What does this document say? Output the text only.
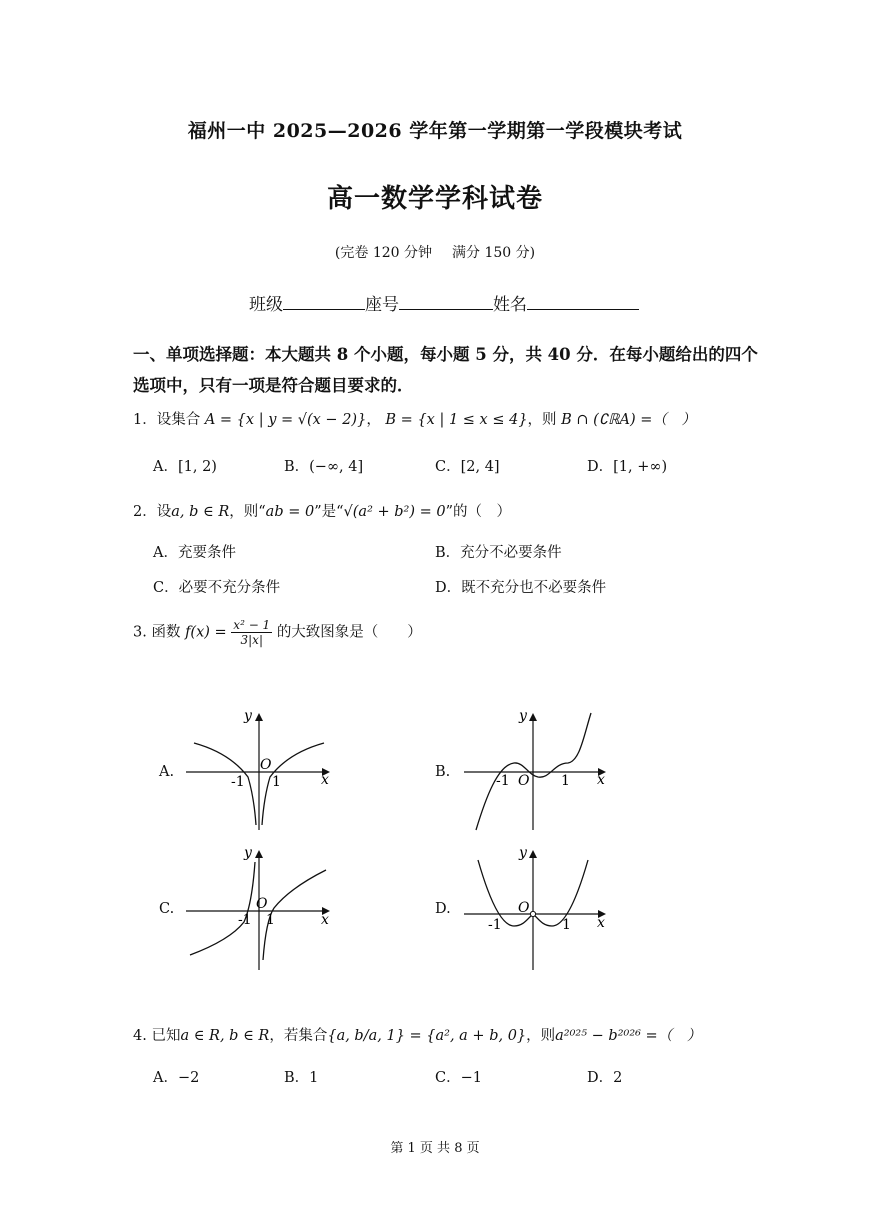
福州一中 2025—2026 学年第一学期第一学段模块考试
高一数学学科试卷
(完卷 120 分钟 满分 150 分)
班级	座号	姓名
一、单项选择题：本大题共 8 个小题，每小题 5 分，共 40 分．在每小题给出的四个
选项中，只有一项是符合题目要求的．
1．设集合 A = {x | y = √(x − 2)}， B = {x | 1 ≤ x ≤ 4}，则 B ∩ (∁ℝA) =（　）
A．[1, 2)	B．(−∞, 4]	C．[2, 4]	D．[1, +∞)
2．设a, b ∈ R，则“ab = 0”是“√(a² + b²) = 0”的（　）
A．充要条件	B．充分不必要条件
C．必要不充分条件	D．既不充分也不必要条件
3. 函数 $f(x) = \frac{\text{x² − 1}}{3|x|}$ 的大致图象是（　　）
A.	B.
C.	D.
y
x
O
-1 1
y
x
O
-1	1
y
x
O
-1 1
y
x
O
-1	1
4. 已知a ∈ R, b ∈ R，若集合{a, b/a, 1} = {a², a + b, 0}，则a²⁰²⁵ − b²⁰²⁶ =（　）
A．−2	B．1	C．−1	D．2
第 1 页 共 8 页
